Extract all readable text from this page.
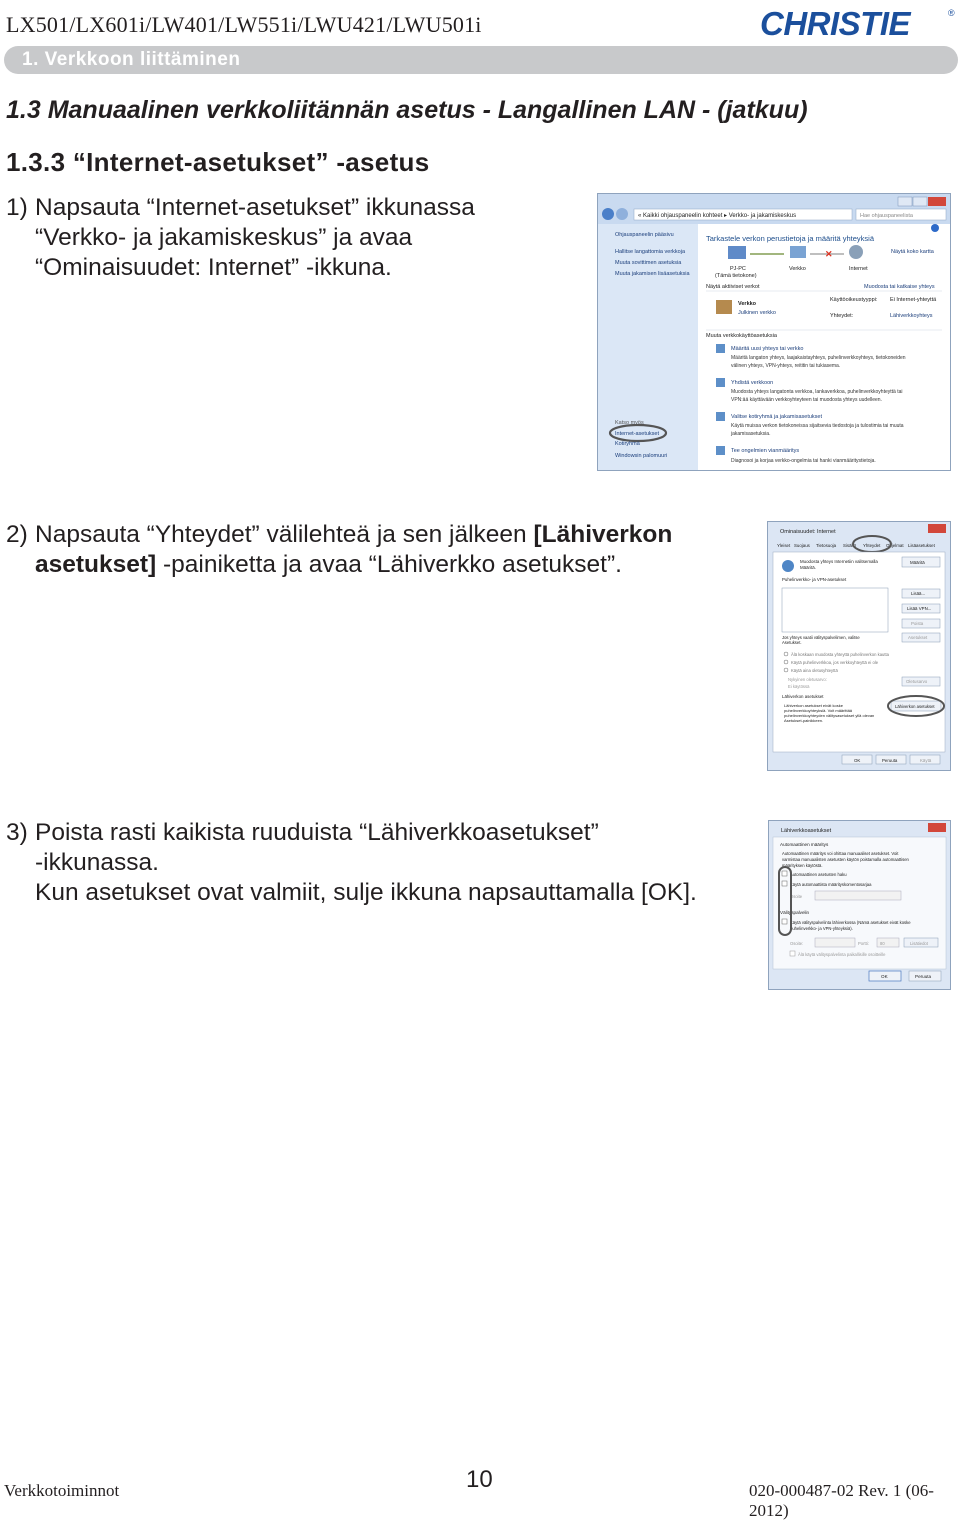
LX501/LX601i/LW401/LW551i/LWU421/LWU501i	CHRISTIE	®
1. Verkkoon liittäminen
1.3 Manuaalinen verkkoliitännän asetus - Langallinen LAN - (jatkuu)
1.3.3 “Internet-asetukset” -asetus
1) Napsauta “Internet-asetukset” ikkunassa
“Verkko- ja jakamiskeskus” ja avaa
“Ominaisuudet: Internet” -ikkuna.
« Kaikki ohjauspaneelin kohteet ▸ Verkko- ja jakamiskeskus	Hae ohjauspaneelista
Ohjauspaneelin pääsivu
Hallitse langattomia verkkoja
Muuta sovittimen asetuksia
Muuta jakamisen lisäasetuksia
Katso myös
Internet-asetukset
Kotiryhmä
Windowsin palomuuri
Tarkastele verkon perustietoja ja määritä yhteyksiä
Näytä koko kartta
✕
PJ-PC
(Tämä tietokone)
Verkko	Internet
Näytä aktiiviset verkot	Muodosta tai katkaise yhteys
Verkko
Julkinen verkko
Käyttöoikeustyyppi: Ei Internet-yhteyttä
Yhteydet:	Lähiverkkoyhteys
Muuta verkkokäyttöasetuksia
Määritä uusi yhteys tai verkko
Määritä langaton yhteys, laajakaistayhteys, puhelinverkkoyhteys, tietokoneiden
välinen yhteys, VPN-yhteys, reititin tai tukiasema.
Yhdistä verkkoon
Muodosta yhteys langatonta verkkoa, lankaverkkoa, puhelinverkkoyhteyttä tai
VPN:ää käyttävään verkkoyhteyteen tai muodosta yhteys uudelleen.
Valitse kotiryhmä ja jakamisasetukset
Käytä muissa verkon tietokoneissa sijaitsevia tiedostoja ja tulostimia tai muuta
jakamisasetuksia.
Tee ongelmien vianmääritys
Diagnosoi ja korjaa verkko-ongelmia tai hanki vianmääritystietoja.
2) Napsauta “Yhteydet” välilehteä ja sen jälkeen [Lähiverkon
asetukset] -painiketta ja avaa “Lähiverkko asetukset”.
Ominaisuudet: Internet
Yleiset Suojaus Tietosuoja Sisältö Yhteydet Ohjelmat Lisäasetukset
Muodosta yhteys Internetiin valitsemalla
Määritä.
Määritä
Puhelinverkko- ja VPN-asetukset
Lisää...
Lisää VPN...
Poista
Jos yhteys vaatii välityspalvelimen, valitse
Asetukset.
Asetukset
Älä koskaan muodosta yhteyttä puhelinverkon kautta
Käytä puhelinverkkoa, jos verkkoyhteyttä ei ole
Käytä aina oletusyhteyttä
Nykyinen oletusarvo:
Ei käytössä
Oletusarvo
Lähiverkon asetukset
Lähiverkon asetukset eivät koske
puhelinverkkoyhteyksiä. Voit määrittää
puhelinverkkoyhteyden välitysasetukset yllä olevan
Asetukset-painikkeen.
Lähiverkon asetukset
OK	Peruuta	Käytä
3) Poista rasti kaikista ruuduista “Lähiverkkoasetukset”
-ikkunassa.
Kun asetukset ovat valmiit, sulje ikkuna napsauttamalla [OK].
Lähiverkkoasetukset
Automaattinen määritys
Automaattinen määritys voi ohittaa manuaaliset asetukset. Voit
varmistaa manuaalisten asetusten käytön poistamalla automaattisen
määrityksen käytöstä.
Automaattinen asetusten haku
Käytä automaattista määrityskomentosarjaa
Osoite
Välityspalvelin
Käytä välityspalvelinta lähiverkossa (Nämä asetukset eivät koske
puhelinverkko- ja VPN-yhteyksiä).
Osoite:	Portti:	80	Lisätiedot
Älä käytä välityspalvelinta paikallisille osoitteille
OK	Peruuta
Verkkotoiminnot	10	020-000487-02 Rev. 1 (06-2012)
